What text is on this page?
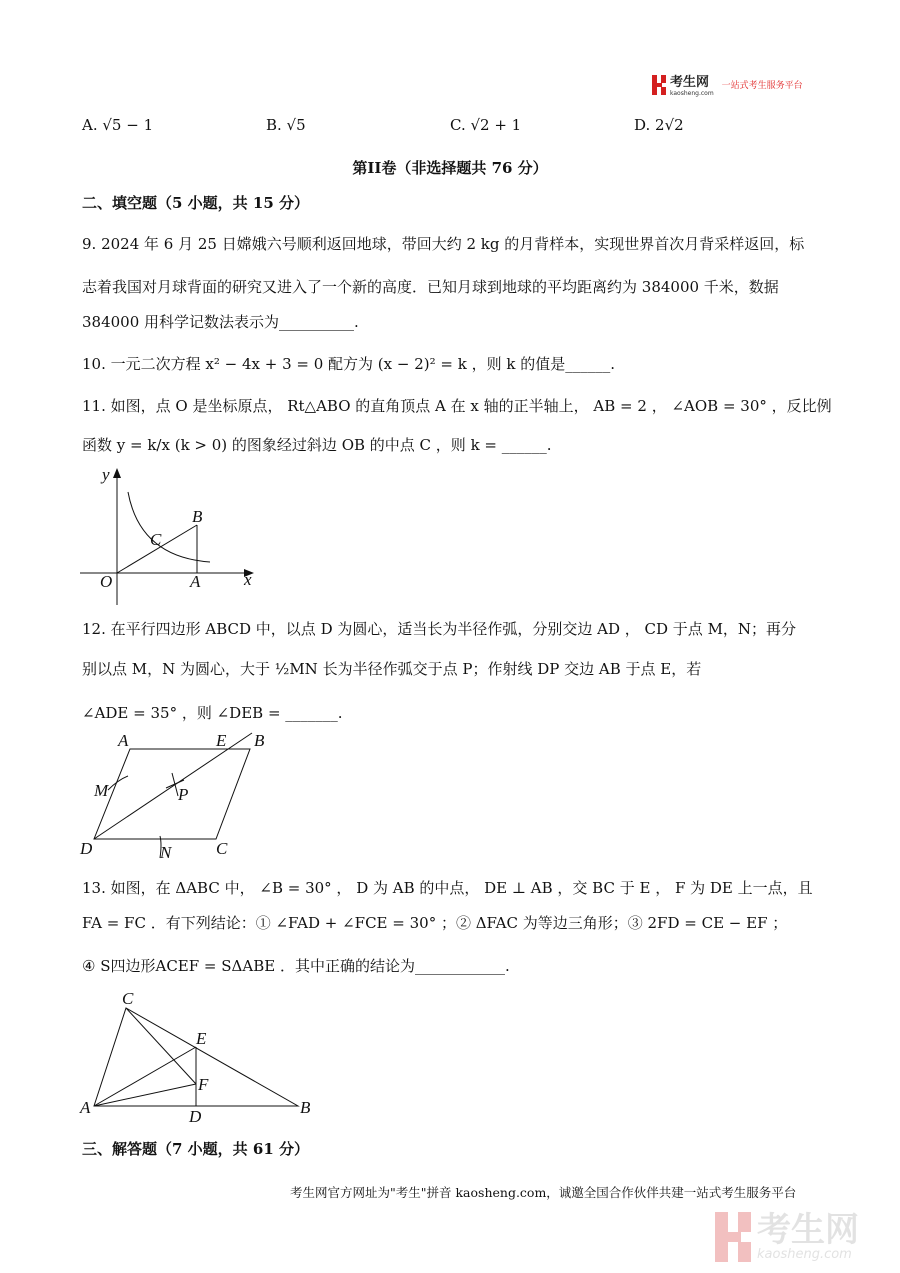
考生网
kaosheng.com
一站式考生服务平台
A. √5 − 1	B. √5	C. √2 + 1	D. 2√2
第II卷（非选择题共 76 分）
二、填空题（5 小题，共 15 分）
9. 2024 年 6 月 25 日嫦娥六号顺利返回地球，带回大约 2 kg 的月背样本，实现世界首次月背采样返回，标
志着我国对月球背面的研究又进入了一个新的高度．已知月球到地球的平均距离约为 384000 千米，数据
384000 用科学记数法表示为__________.
10. 一元二次方程 x² − 4x + 3 = 0 配方为 (x − 2)² = k ，则 k 的值是______.
11. 如图，点 O 是坐标原点， Rt△ABO 的直角顶点 A 在 x 轴的正半轴上， AB = 2 ， ∠AOB = 30° ，反比例
函数 y = k/x (k > 0) 的图象经过斜边 OB 的中点 C ，则 k = ______.
y
x
O	A
B
C
12. 在平行四边形 ABCD 中，以点 D 为圆心，适当长为半径作弧，分别交边 AD ， CD 于点 M，N；再分
别以点 M，N 为圆心，大于 ½MN 长为半径作弧交于点 P；作射线 DP 交边 AB 于点 E，若
∠ADE = 35° ，则 ∠DEB = _______.
A	E B
M	P
D	N	C
13. 如图，在 ΔABC 中， ∠B = 30° ， D 为 AB 的中点， DE ⊥ AB ，交 BC 于 E ， F 为 DE 上一点，且
FA = FC ．有下列结论：① ∠FAD + ∠FCE = 30° ；② ΔFAC 为等边三角形；③ 2FD = CE − EF ；
④ S四边形ACEF = SΔABE ．其中正确的结论为____________.
C
E
F
A	D	B
三、解答题（7 小题，共 61 分）
考生网官方网址为"考生"拼音 kaosheng.com，诚邀全国合作伙伴共建一站式考生服务平台
考生网
kaosheng.com
